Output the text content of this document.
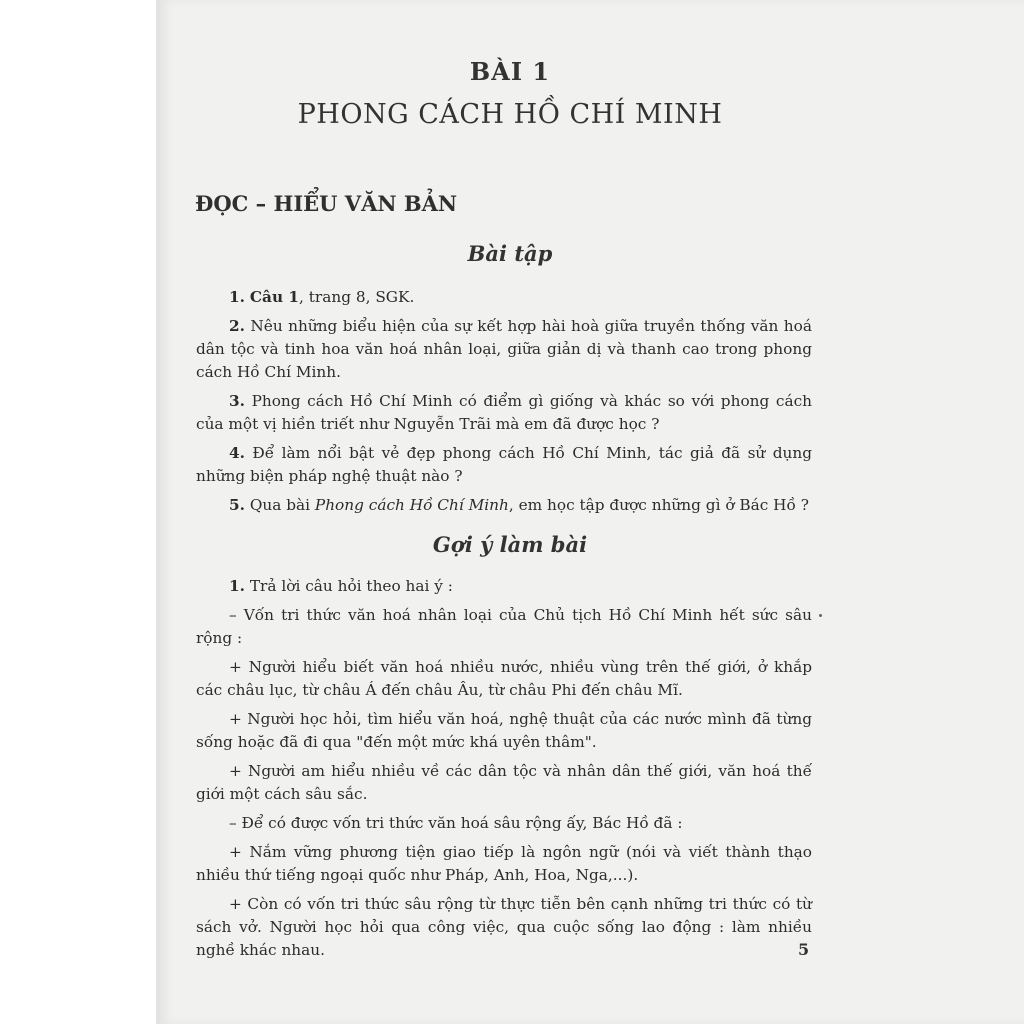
BÀI 1
PHONG CÁCH HỒ CHÍ MINH
ĐỌC – HIỂU VĂN BẢN
Bài tập

1. Câu 1, trang 8, SGK.

2. Nêu những biểu hiện của sự kết hợp hài hoà giữa truyền thống văn hoá dân tộc và tinh hoa văn hoá nhân loại, giữa giản dị và thanh cao trong phong cách Hồ Chí Minh.

3. Phong cách Hồ Chí Minh có điểm gì giống và khác so với phong cách của một vị hiền triết như Nguyễn Trãi mà em đã được học ?

4. Để làm nổi bật vẻ đẹp phong cách Hồ Chí Minh, tác giả đã sử dụng những biện pháp nghệ thuật nào ?

5. Qua bài Phong cách Hồ Chí Minh, em học tập được những gì ở Bác Hồ ?

Gợi ý làm bài

1. Trả lời câu hỏi theo hai ý :

– Vốn tri thức văn hoá nhân loại của Chủ tịch Hồ Chí Minh hết sức sâu rộng :

+ Người hiểu biết văn hoá nhiều nước, nhiều vùng trên thế giới, ở khắp các châu lục, từ châu Á đến châu Âu, từ châu Phi đến châu Mĩ.

+ Người học hỏi, tìm hiểu văn hoá, nghệ thuật của các nước mình đã từng sống hoặc đã đi qua "đến một mức khá uyên thâm".

+ Người am hiểu nhiều về các dân tộc và nhân dân thế giới, văn hoá thế giới một cách sâu sắc.

– Để có được vốn tri thức văn hoá sâu rộng ấy, Bác Hồ đã :

+ Nắm vững phương tiện giao tiếp là ngôn ngữ (nói và viết thành thạo nhiều thứ tiếng ngoại quốc như Pháp, Anh, Hoa, Nga,...).

+ Còn có vốn tri thức sâu rộng từ thực tiễn bên cạnh những tri thức có từ sách vở. Người học hỏi qua công việc, qua cuộc sống lao động : làm nhiều nghề khác nhau.	5
